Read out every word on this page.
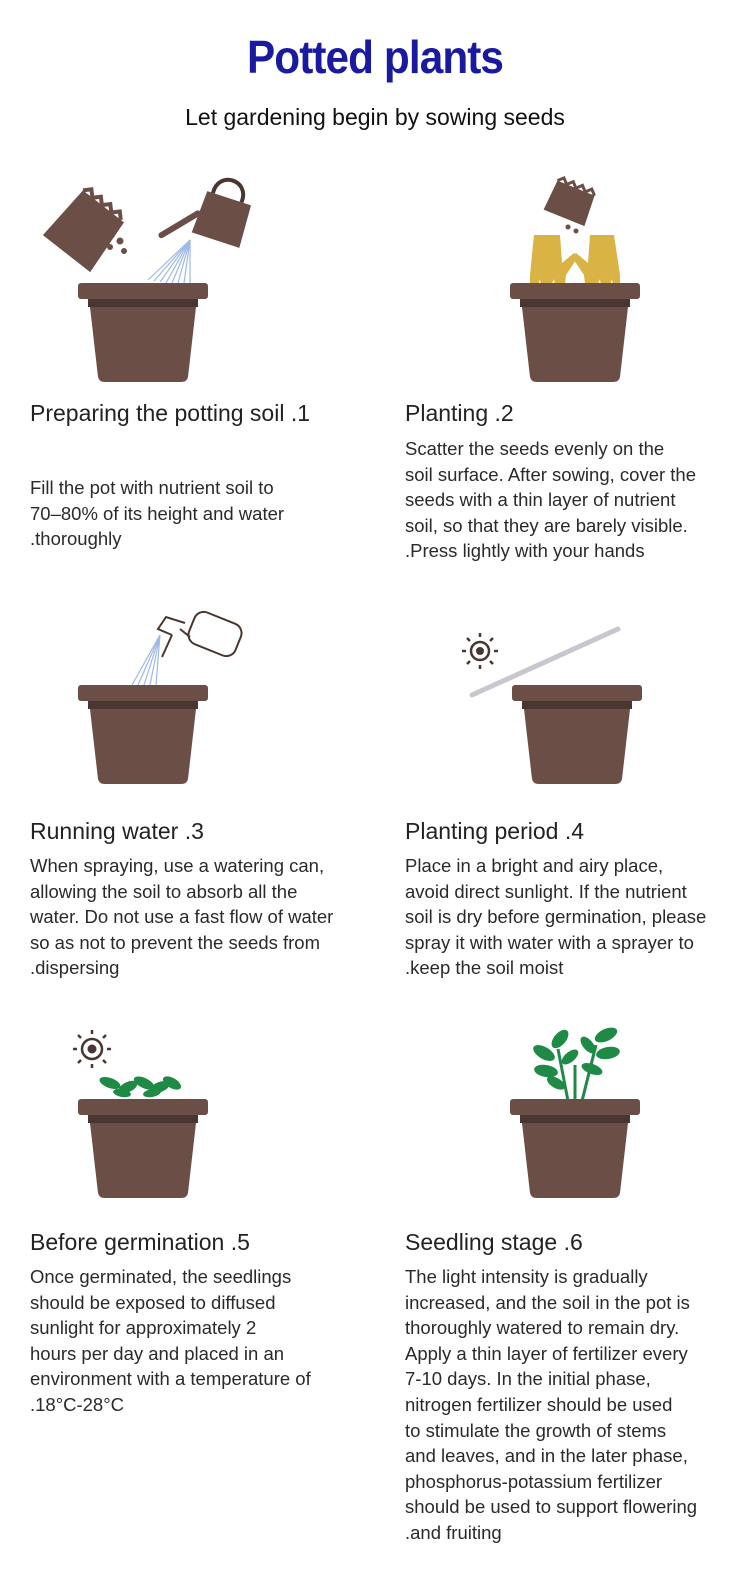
Potted plants
Let gardening begin by sowing seeds
Preparing the potting soil .1
Fill the pot with nutrient soil to
70–80% of its height and water
.thoroughly
Planting .2
Scatter the seeds evenly on the
soil surface. After sowing, cover the
seeds with a thin layer of nutrient
soil, so that they are barely visible.
.Press lightly with your hands
Running water .3
When spraying, use a watering can,
allowing the soil to absorb all the
water. Do not use a fast flow of water
so as not to prevent the seeds from
.dispersing
Planting period .4
Place in a bright and airy place,
avoid direct sunlight. If the nutrient
soil is dry before germination, please
spray it with water with a sprayer to
.keep the soil moist
Before germination .5
Once germinated, the seedlings
should be exposed to diffused
sunlight for approximately 2
hours per day and placed in an
environment with a temperature of
.18°C-28°C
Seedling stage .6
The light intensity is gradually
increased, and the soil in the pot is
thoroughly watered to remain dry.
Apply a thin layer of fertilizer every
7-10 days. In the initial phase,
nitrogen fertilizer should be used
to stimulate the growth of stems
and leaves, and in the later phase,
phosphorus-potassium fertilizer
should be used to support flowering
.and fruiting
